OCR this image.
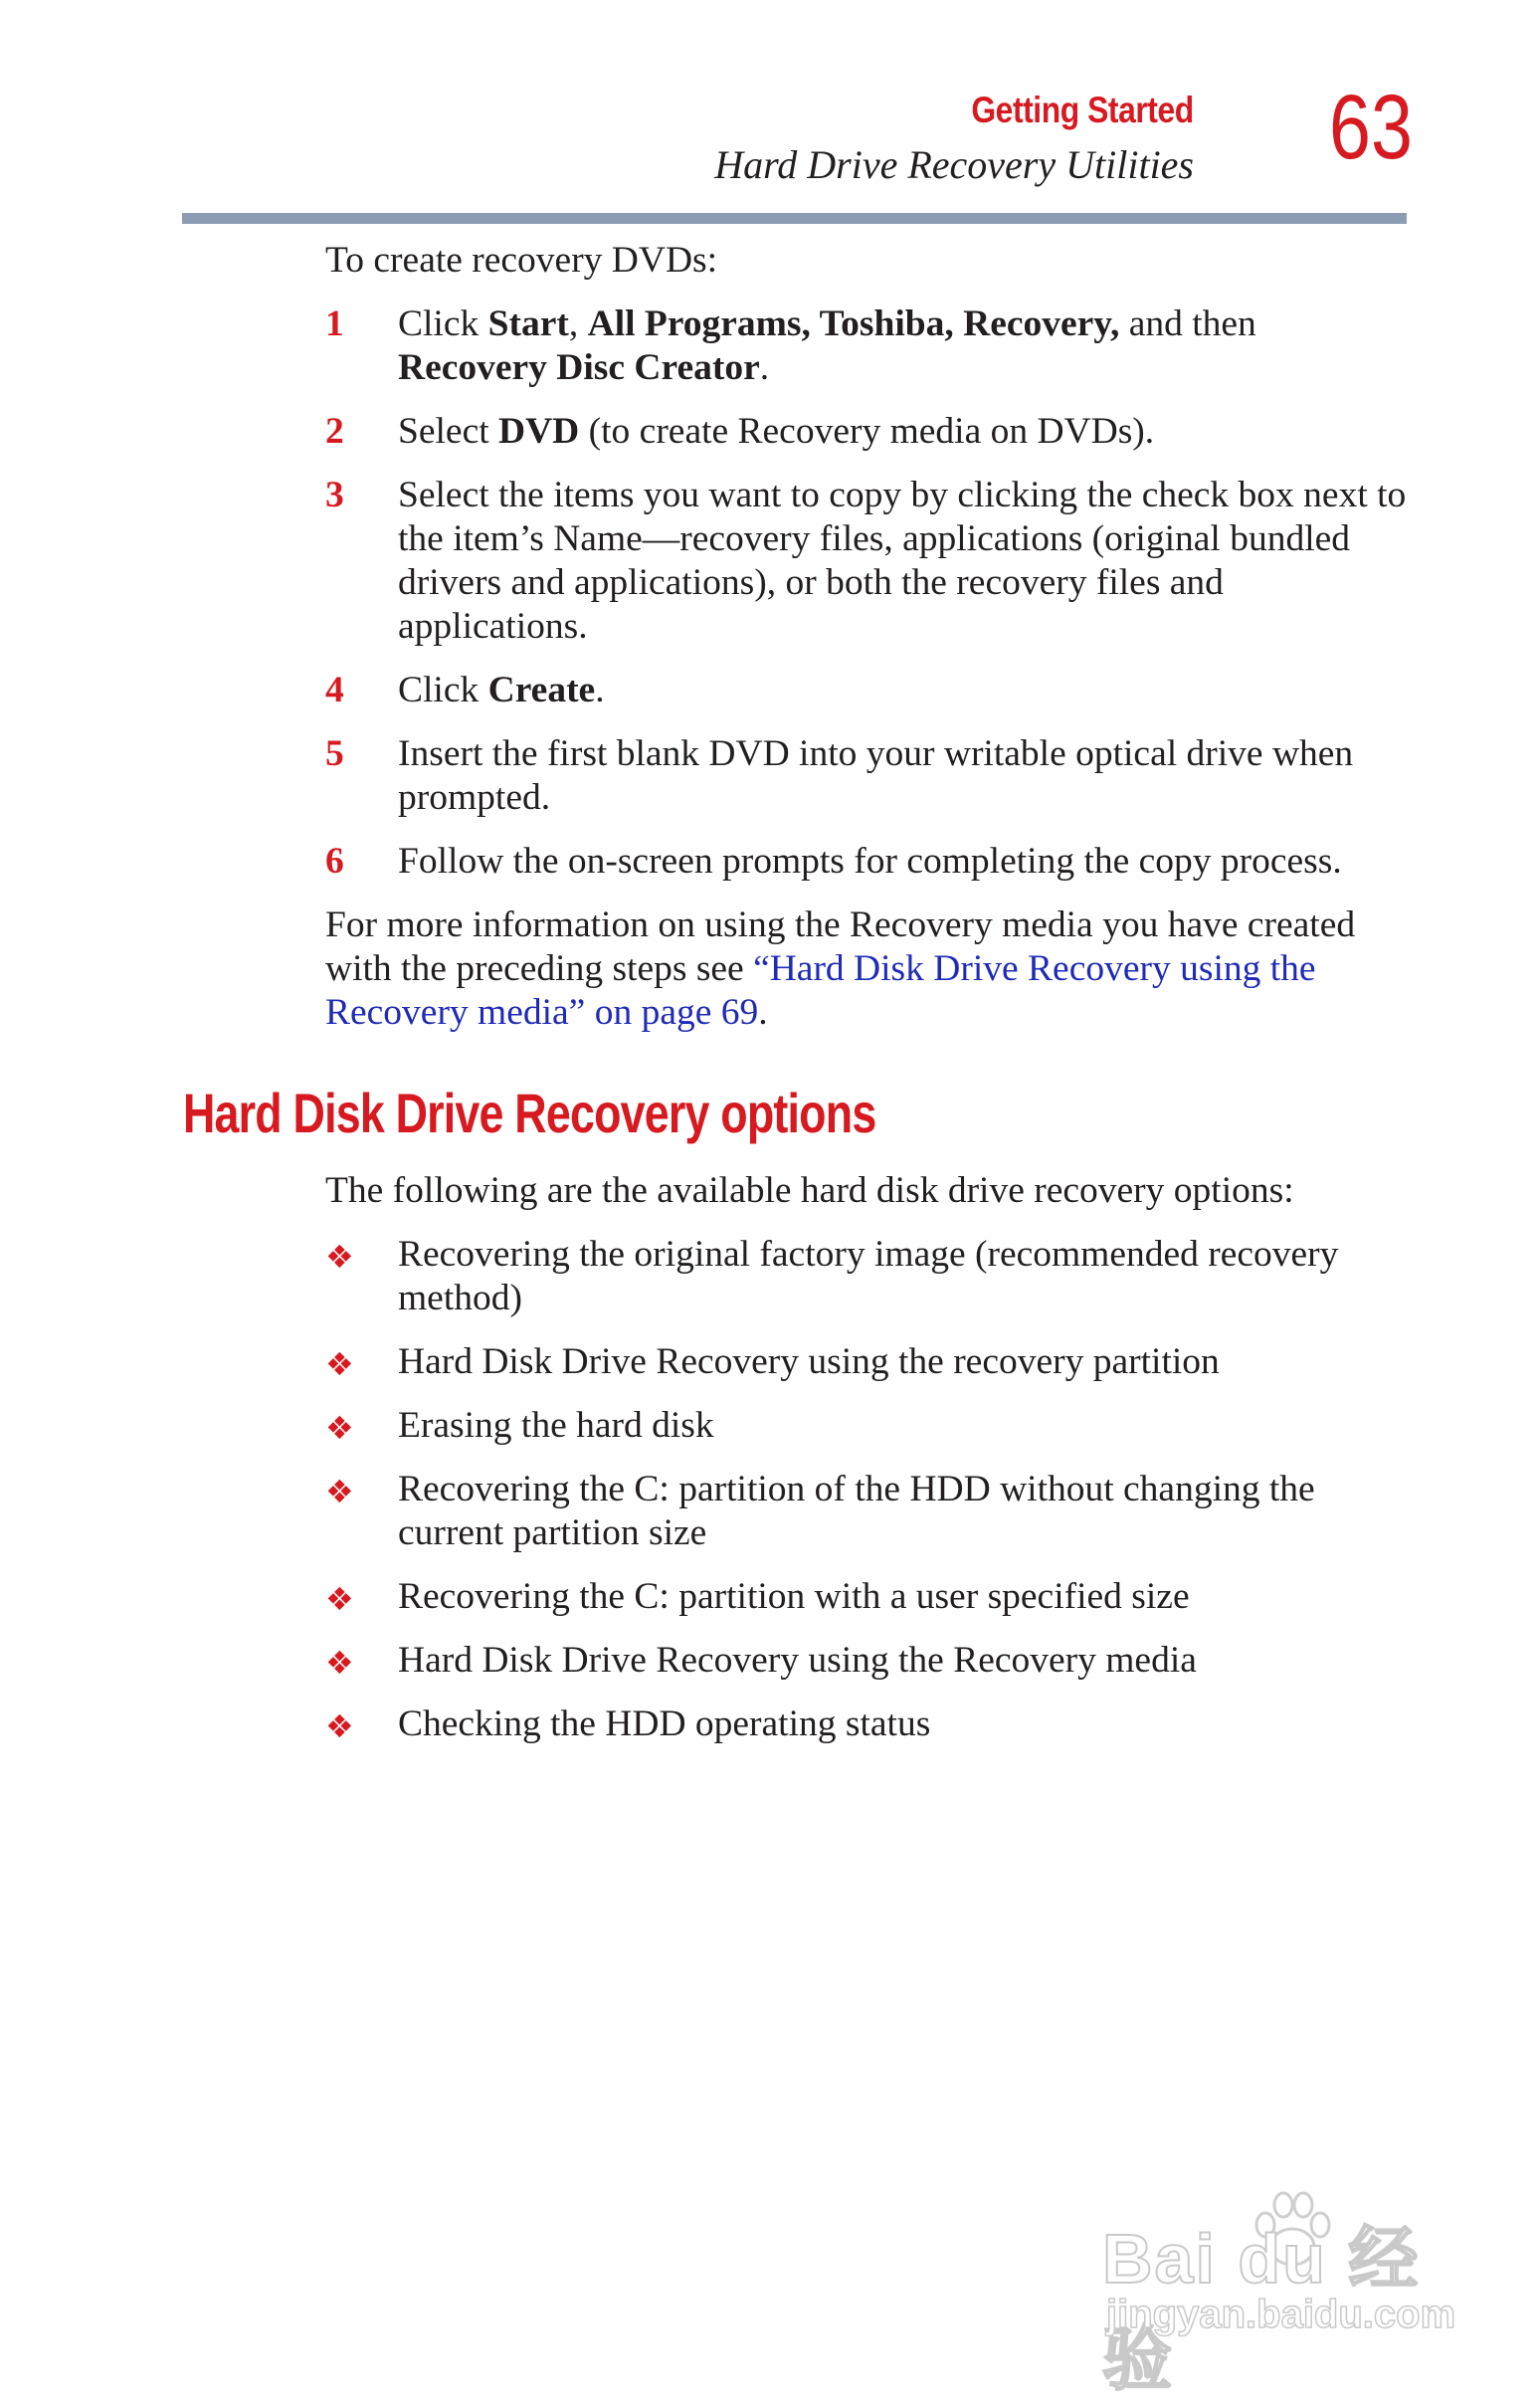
Getting Started
Hard Drive Recovery Utilities 63

To create recovery DVDs:

1 Click Start, All Programs, Toshiba, Recovery, and then Recovery Disc Creator.
2 Select DVD (to create Recovery media on DVDs).
3 Select the items you want to copy by clicking the check box next to the item’s Name—recovery files, applications (original bundled drivers and applications), or both the recovery files and applications.
4 Click Create.
5 Insert the first blank DVD into your writable optical drive when prompted.
6 Follow the on-screen prompts for completing the copy process.

For more information on using the Recovery media you have created with the preceding steps see “Hard Disk Drive Recovery using the Recovery media” on page 69.

Hard Disk Drive Recovery options

The following are the available hard disk drive recovery options:

❖ Recovering the original factory image (recommended recovery method)
❖ Hard Disk Drive Recovery using the recovery partition
❖ Erasing the hard disk
❖ Recovering the C: partition of the HDD without changing the current partition size
❖ Recovering the C: partition with a user specified size
❖ Hard Disk Drive Recovery using the Recovery media
❖ Checking the HDD operating status
Bai du 经验
jingyan.baidu.com
